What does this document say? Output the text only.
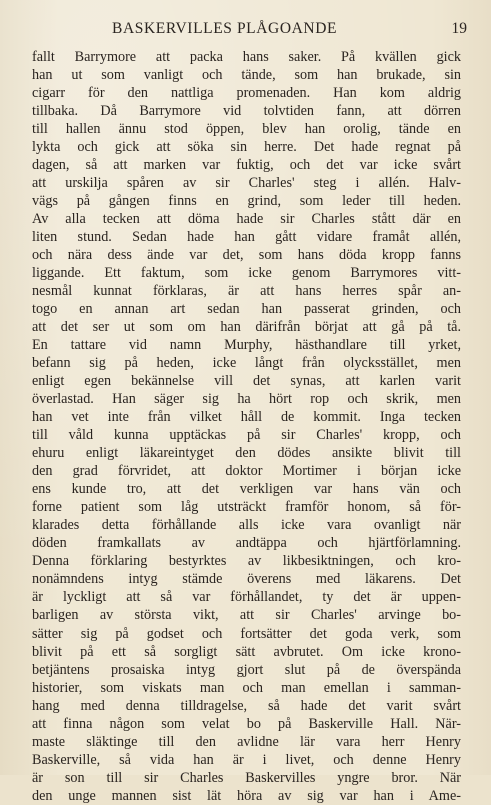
BASKERVILLES PLÅGOANDE	19
fallt Barrymore att packa hans saker. På kvällen gick
han ut som vanligt och tände, som han brukade, sin
cigarr för den nattliga promenaden. Han kom aldrig
tillbaka. Då Barrymore vid tolvtiden fann, att dörren
till hallen ännu stod öppen, blev han orolig, tände en
lykta och gick att söka sin herre. Det hade regnat på
dagen, så att marken var fuktig, och det var icke svårt
att urskilja spåren av sir Charles' steg i allén. Halv-
vägs på gången finns en grind, som leder till heden.
Av alla tecken att döma hade sir Charles stått där en
liten stund. Sedan hade han gått vidare framåt allén,
och nära dess ände var det, som hans döda kropp fanns
liggande. Ett faktum, som icke genom Barrymores vitt-
nesmål kunnat förklaras, är att hans herres spår an-
togo en annan art sedan han passerat grinden, och
att det ser ut som om han därifrån börjat att gå på tå.
En tattare vid namn Murphy, hästhandlare till yrket,
befann sig på heden, icke långt från olycksstället, men
enligt egen bekännelse vill det synas, att karlen varit
överlastad. Han säger sig ha hört rop och skrik, men
han vet inte från vilket håll de kommit. Inga tecken
till våld kunna upptäckas på sir Charles' kropp, och
ehuru enligt läkareintyget den dödes ansikte blivit till
den grad förvridet, att doktor Mortimer i början icke
ens kunde tro, att det verkligen var hans vän och
forne patient som låg utsträckt framför honom, så för-
klarades detta förhållande alls icke vara ovanligt när
döden framkallats av andtäppa och hjärtförlamning.
Denna förklaring bestyrktes av likbesiktningen, och kro-
nonämndens intyg stämde överens med läkarens. Det
är lyckligt att så var förhållandet, ty det är uppen-
barligen av största vikt, att sir Charles' arvinge bo-
sätter sig på godset och fortsätter det goda verk, som
blivit på ett så sorgligt sätt avbrutet. Om icke krono-
betjäntens prosaiska intyg gjort slut på de överspända
historier, som viskats man och man emellan i samman-
hang med denna tilldragelse, så hade det varit svårt
att finna någon som velat bo på Baskerville Hall. När-
maste släktinge till den avlidne lär vara herr Henry
Baskerville, så vida han är i livet, och denne Henry
är son till sir Charles Baskervilles yngre bror. När
den unge mannen sist lät höra av sig var han i Ame-
